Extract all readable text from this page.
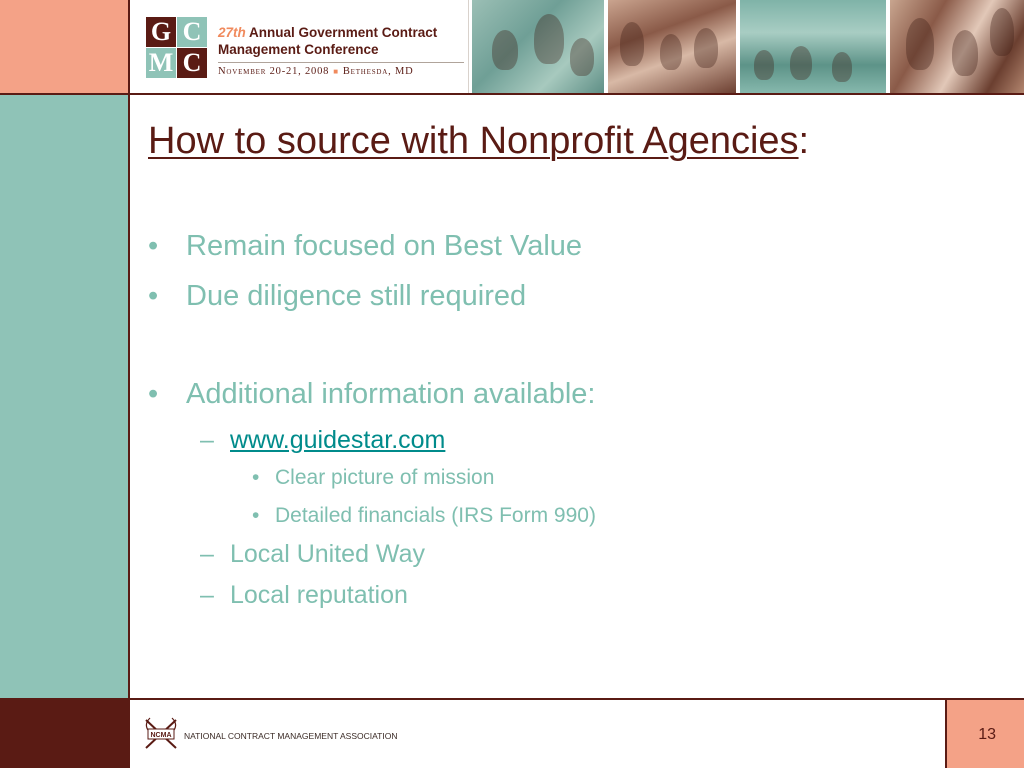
G C
M C
27th Annual Government Contract
Management Conference
November 20-21, 2008 ■ Bethesda, MD
How to source with Nonprofit Agencies:
• Remain focused on Best Value
• Due diligence still required
• Additional information available:
– www.guidestar.com
• Clear picture of mission
• Detailed financials (IRS Form 990)
– Local United Way
– Local reputation
NCMA NATIONAL CONTRACT MANAGEMENT ASSOCIATION	13
